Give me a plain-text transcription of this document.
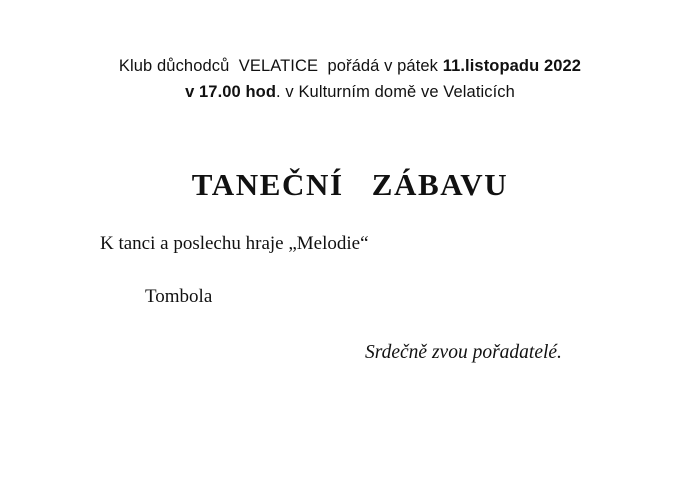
Klub důchodců  VELATICE  pořádá v pátek 11.listopadu 2022
v 17.00 hod. v Kulturním domě ve Velaticích
TANEČNÍ   ZÁBAVU
K tanci a poslechu hraje „Melodie“
Tombola
Srdečně zvou pořadatelé.
